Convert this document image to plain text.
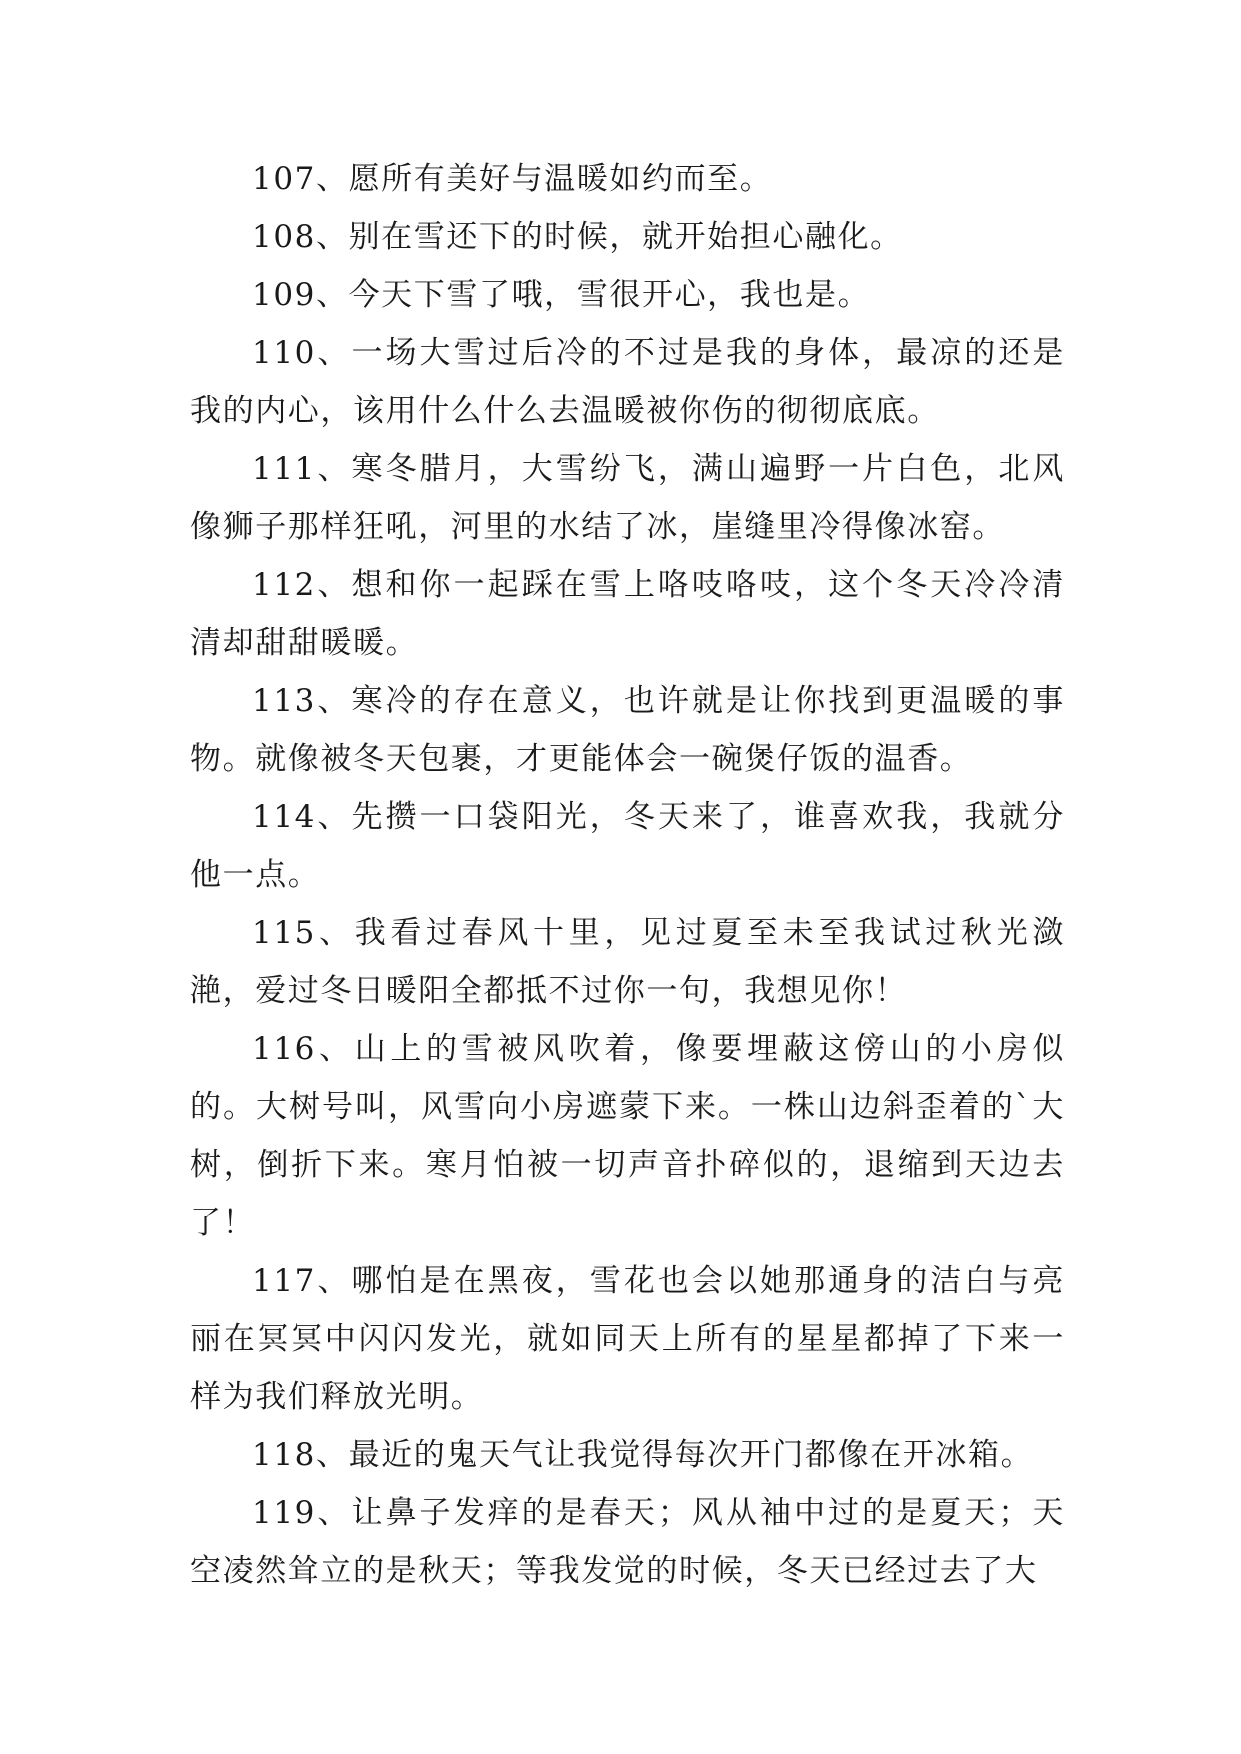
107、愿所有美好与温暖如约而至。

108、别在雪还下的时候，就开始担心融化。

109、今天下雪了哦，雪很开心，我也是。

110、一场大雪过后冷的不过是我的身体，最凉的还是我的内心，该用什么什么去温暖被你伤的彻彻底底。

111、寒冬腊月，大雪纷飞，满山遍野一片白色，北风像狮子那样狂吼，河里的水结了冰，崖缝里冷得像冰窑。

112、想和你一起踩在雪上咯吱咯吱，这个冬天冷冷清清却甜甜暖暖。

113、寒冷的存在意义，也许就是让你找到更温暖的事物。就像被冬天包裹，才更能体会一碗煲仔饭的温香。

114、先攒一口袋阳光，冬天来了，谁喜欢我，我就分他一点。

115、我看过春风十里，见过夏至未至我试过秋光潋滟，爱过冬日暖阳全都抵不过你一句，我想见你！

116、山上的雪被风吹着，像要埋蔽这傍山的小房似的。大树号叫，风雪向小房遮蒙下来。一株山边斜歪着的`大树，倒折下来。寒月怕被一切声音扑碎似的，退缩到天边去了！

117、哪怕是在黑夜，雪花也会以她那通身的洁白与亮丽在冥冥中闪闪发光，就如同天上所有的星星都掉了下来一样为我们释放光明。

118、最近的鬼天气让我觉得每次开门都像在开冰箱。

119、让鼻子发痒的是春天；风从袖中过的是夏天；天空凌然耸立的是秋天；等我发觉的时候，冬天已经过去了大
